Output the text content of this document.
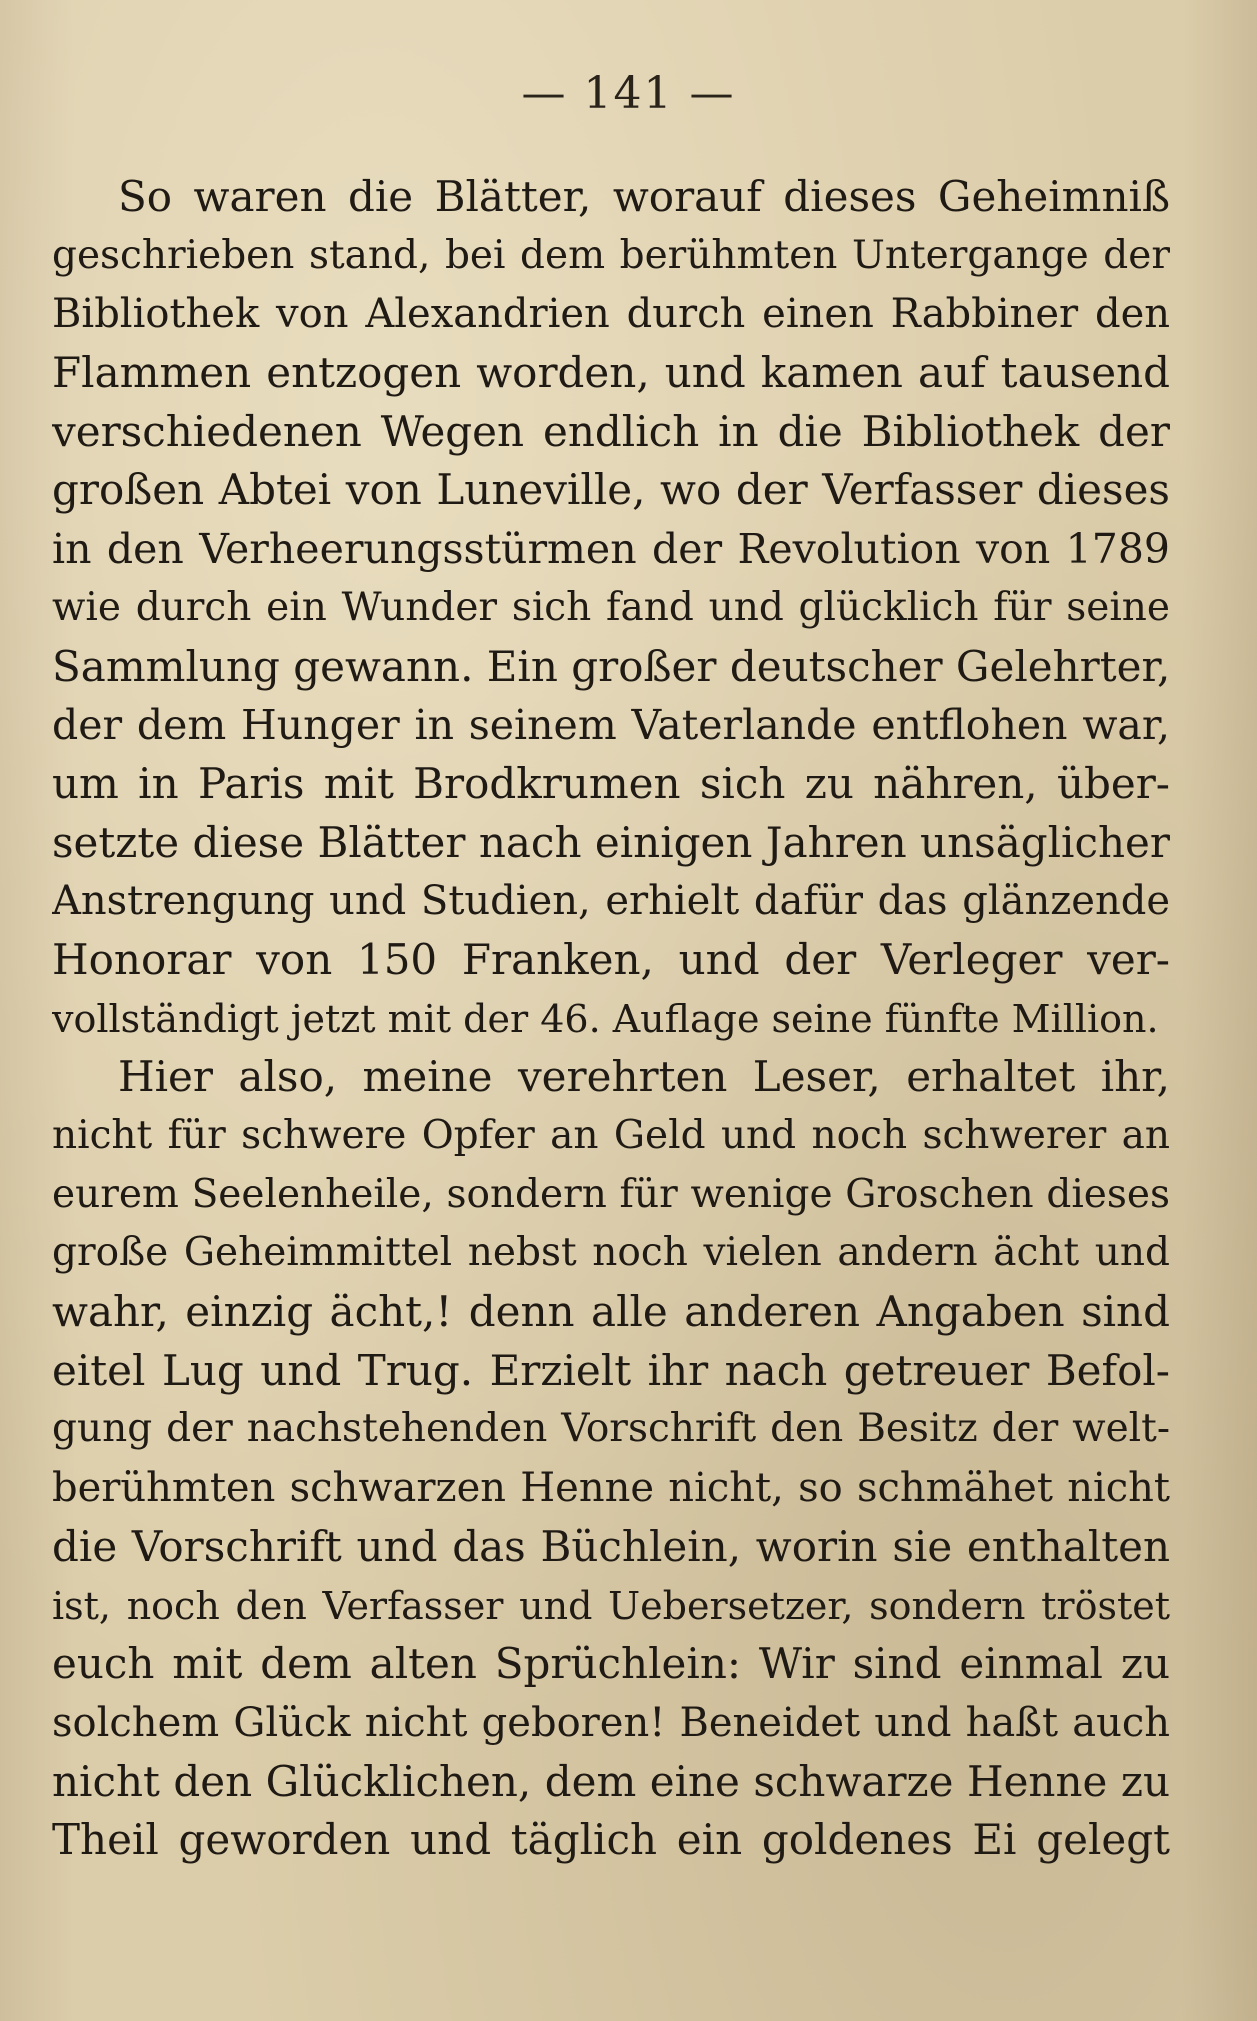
— 141 —
So waren die Blätter, worauf dieses Geheimniß
geschrieben stand, bei dem berühmten Untergange der
Bibliothek von Alexandrien durch einen Rabbiner den
Flammen entzogen worden, und kamen auf tausend
verschiedenen Wegen endlich in die Bibliothek der
großen Abtei von Luneville, wo der Verfasser dieses
in den Verheerungsstürmen der Revolution von 1789
wie durch ein Wunder sich fand und glücklich für seine
Sammlung gewann. Ein großer deutscher Gelehrter,
der dem Hunger in seinem Vaterlande entflohen war,
um in Paris mit Brodkrumen sich zu nähren, über-
setzte diese Blätter nach einigen Jahren unsäglicher
Anstrengung und Studien, erhielt dafür das glänzende
Honorar von 150 Franken, und der Verleger ver-
vollständigt jetzt mit der 46. Auflage seine fünfte Million.
Hier also, meine verehrten Leser, erhaltet ihr,
nicht für schwere Opfer an Geld und noch schwerer an
eurem Seelenheile, sondern für wenige Groschen dieses
große Geheimmittel nebst noch vielen andern ächt und
wahr, einzig ächt,! denn alle anderen Angaben sind
eitel Lug und Trug. Erzielt ihr nach getreuer Befol-
gung der nachstehenden Vorschrift den Besitz der welt-
berühmten schwarzen Henne nicht, so schmähet nicht
die Vorschrift und das Büchlein, worin sie enthalten
ist, noch den Verfasser und Uebersetzer, sondern tröstet
euch mit dem alten Sprüchlein: Wir sind einmal zu
solchem Glück nicht geboren! Beneidet und haßt auch
nicht den Glücklichen, dem eine schwarze Henne zu
Theil geworden und täglich ein goldenes Ei gelegt
